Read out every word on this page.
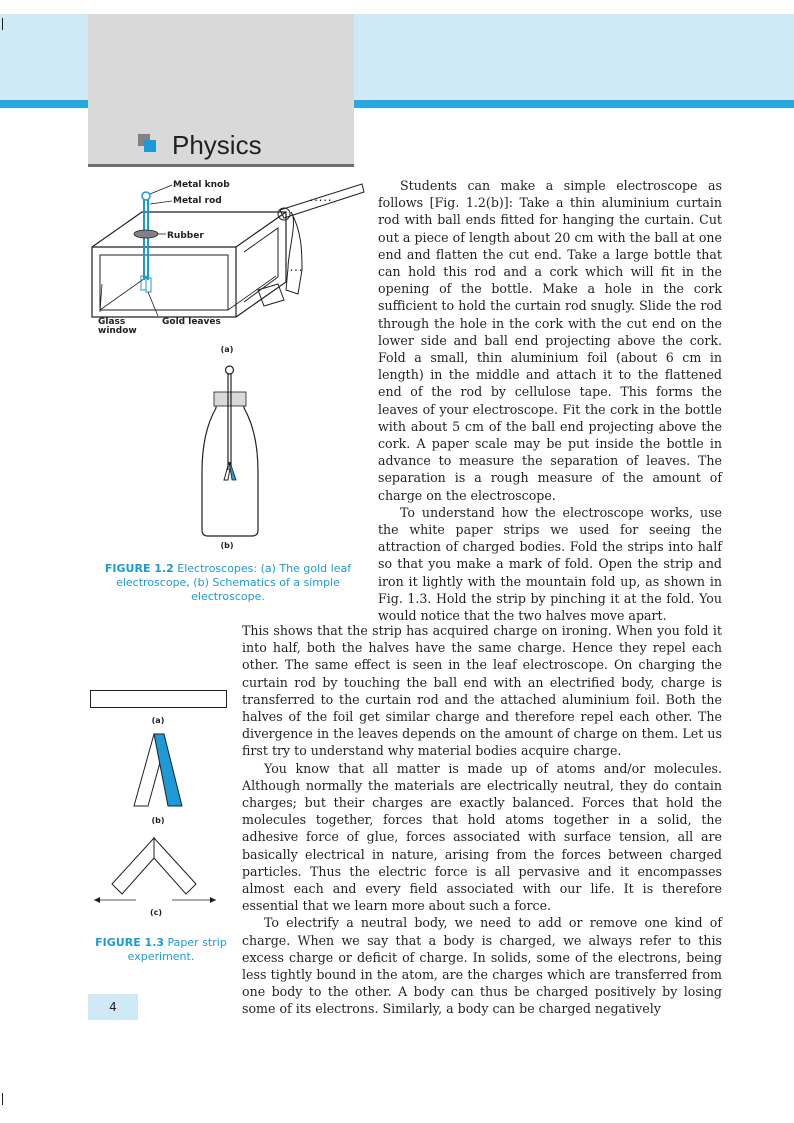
Physics
• • • • •
• • •
Metal knob
Metal rod
Rubber
Glass
window
Gold leaves
(a)
(b)
FIGURE 1.2 Electroscopes: (a) The gold leaf electroscope, (b) Schematics of a simple electroscope.
(a)
(b)
(c)
FIGURE 1.3 Paper strip experiment.

Students can make a simple electroscope as follows [Fig. 1.2(b)]: Take a thin aluminium curtain rod with ball ends fitted for hanging the curtain. Cut out a piece of length about 20 cm with the ball at one end and flatten the cut end. Take a large bottle that can hold this rod and a cork which will fit in the opening of the bottle. Make a hole in the cork sufficient to hold the curtain rod snugly. Slide the rod through the hole in the cork with the cut end on the lower side and ball end projecting above the cork. Fold a small, thin aluminium foil (about 6 cm in length) in the middle and attach it to the flattened end of the rod by cellulose tape. This forms the leaves of your electroscope. Fit the cork in the bottle with about 5 cm of the ball end projecting above the cork. A paper scale may be put inside the bottle in advance to measure the separation of leaves. The separation is a rough measure of the amount of charge on the electroscope.

To understand how the electroscope works, use the white paper strips we used for seeing the attraction of charged bodies. Fold the strips into half so that you make a mark of fold. Open the strip and iron it lightly with the mountain fold up, as shown in Fig. 1.3. Hold the strip by pinching it at the fold. You would notice that the two halves move apart.

This shows that the strip has acquired charge on ironing. When you fold it into half, both the halves have the same charge. Hence they repel each other. The same effect is seen in the leaf electroscope. On charging the curtain rod by touching the ball end with an electrified body, charge is transferred to the curtain rod and the attached aluminium foil. Both the halves of the foil get similar charge and therefore repel each other. The divergence in the leaves depends on the amount of charge on them. Let us first try to understand why material bodies acquire charge.

You know that all matter is made up of atoms and/or molecules. Although normally the materials are electrically neutral, they do contain charges; but their charges are exactly balanced. Forces that hold the molecules together, forces that hold atoms together in a solid, the adhesive force of glue, forces associated with surface tension, all are basically electrical in nature, arising from the forces between charged particles. Thus the electric force is all pervasive and it encompasses almost each and every field associated with our life. It is therefore essential that we learn more about such a force.

To electrify a neutral body, we need to add or remove one kind of charge. When we say that a body is charged, we always refer to this excess charge or deficit of charge. In solids, some of the electrons, being less tightly bound in the atom, are the charges which are transferred from one body to the other. A body can thus be charged positively by losing some of its electrons. Similarly, a body can be charged negatively

4
